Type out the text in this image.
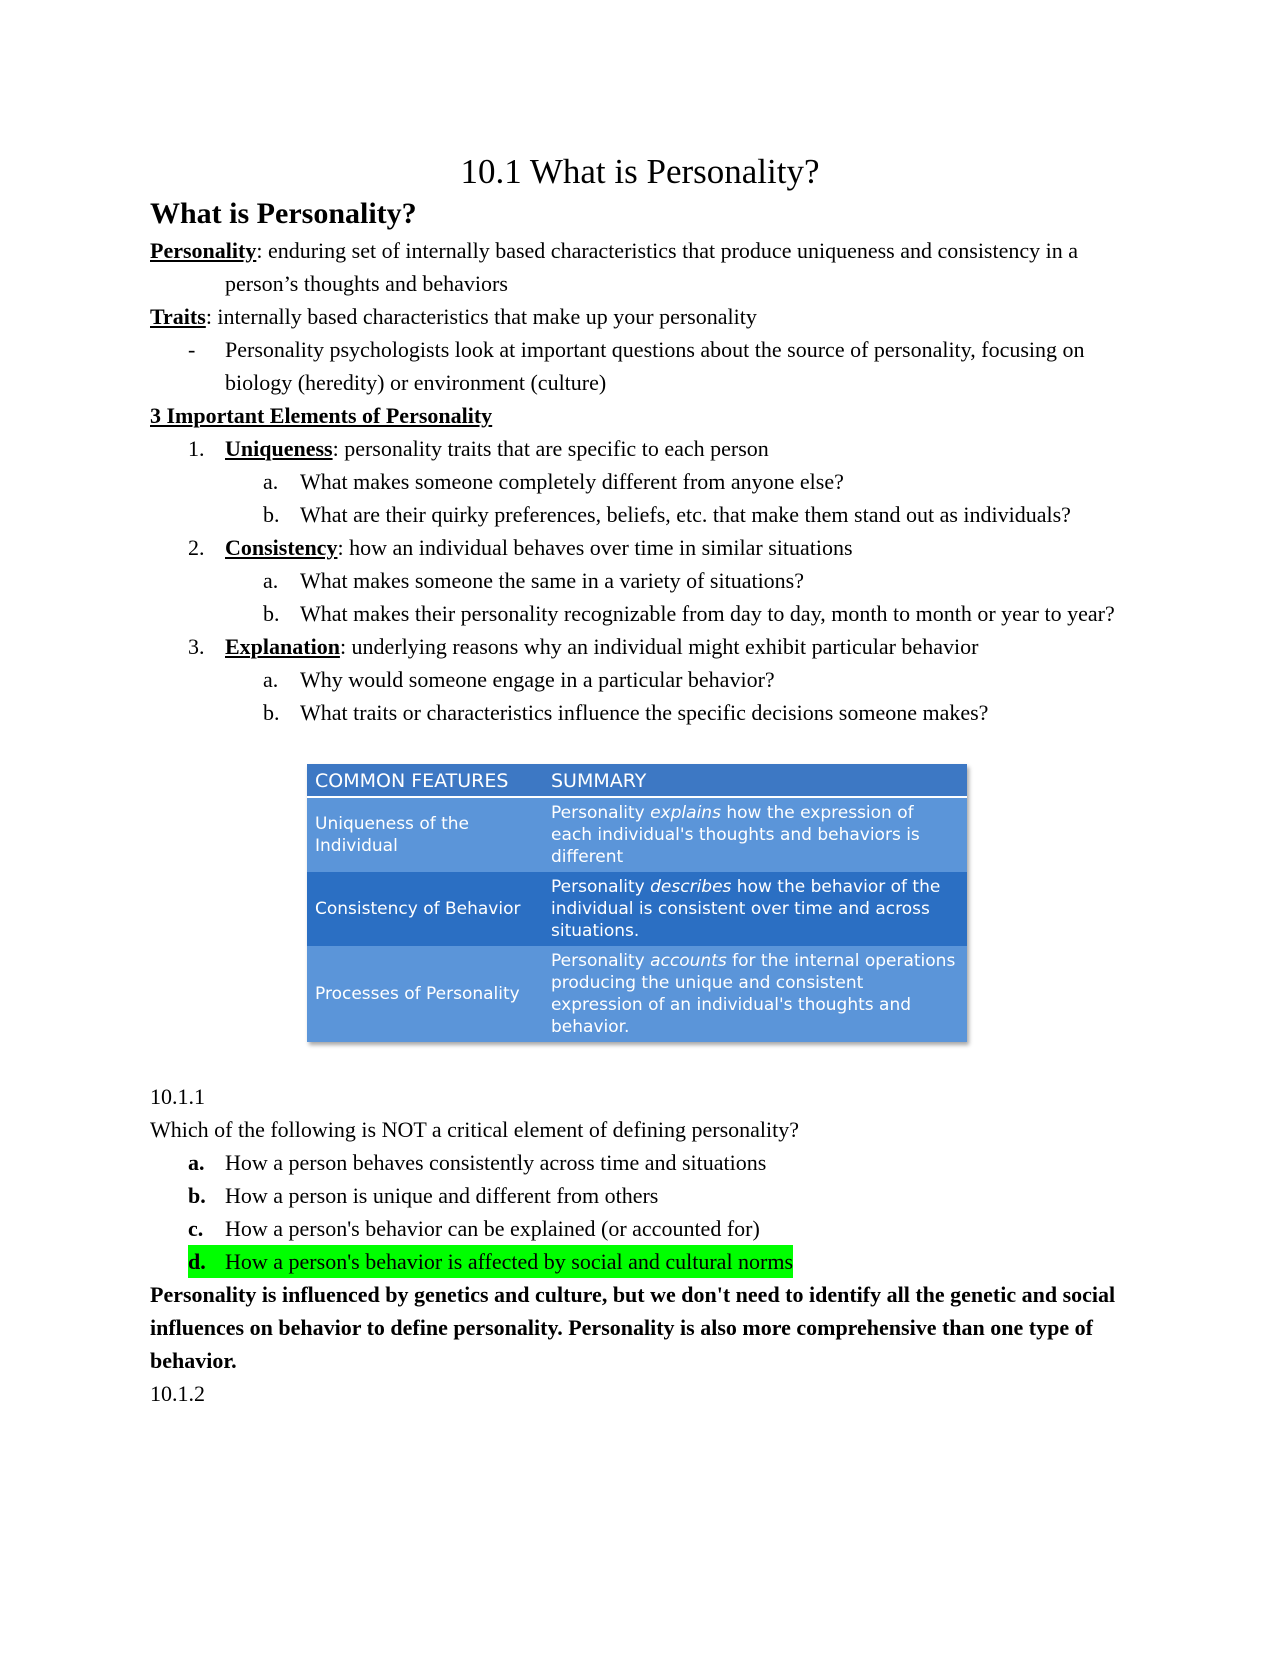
10.1 What is Personality?
What is Personality?

Personality: enduring set of internally based characteristics that produce uniqueness and consistency in a person’s thoughts and behaviors

Traits: internally based characteristics that make up your personality

-	Personality psychologists look at important questions about the source of personality, focusing on biology (heredity) or environment (culture)

3 Important Elements of Personality

1. Uniqueness: personality traits that are specific to each person
a. What makes someone completely different from anyone else?
b. What are their quirky preferences, beliefs, etc. that make them stand out as individuals?
2. Consistency: how an individual behaves over time in similar situations
a. What makes someone the same in a variety of situations?
b. What makes their personality recognizable from day to day, month to month or year to year?
3. Explanation: underlying reasons why an individual might exhibit particular behavior
a. Why would someone engage in a particular behavior?
b. What traits or characteristics influence the specific decisions someone makes?
COMMON FEATURES	SUMMARY
Uniqueness of the Individual	Personality explains how the expression of each individual's thoughts and behaviors is different
Consistency of Behavior	Personality describes how the behavior of the individual is consistent over time and across situations.
Processes of Personality	Personality accounts for the internal operations producing the unique and consistent expression of an individual's thoughts and behavior.

10.1.1

Which of the following is NOT a critical element of defining personality?

a. How a person behaves consistently across time and situations
b. How a person is unique and different from others
c. How a person's behavior can be explained (or accounted for)
d. How a person's behavior is affected by social and cultural norms

Personality is influenced by genetics and culture, but we don't need to identify all the genetic and social influences on behavior to define personality. Personality is also more comprehensive than one type of behavior.

10.1.2
